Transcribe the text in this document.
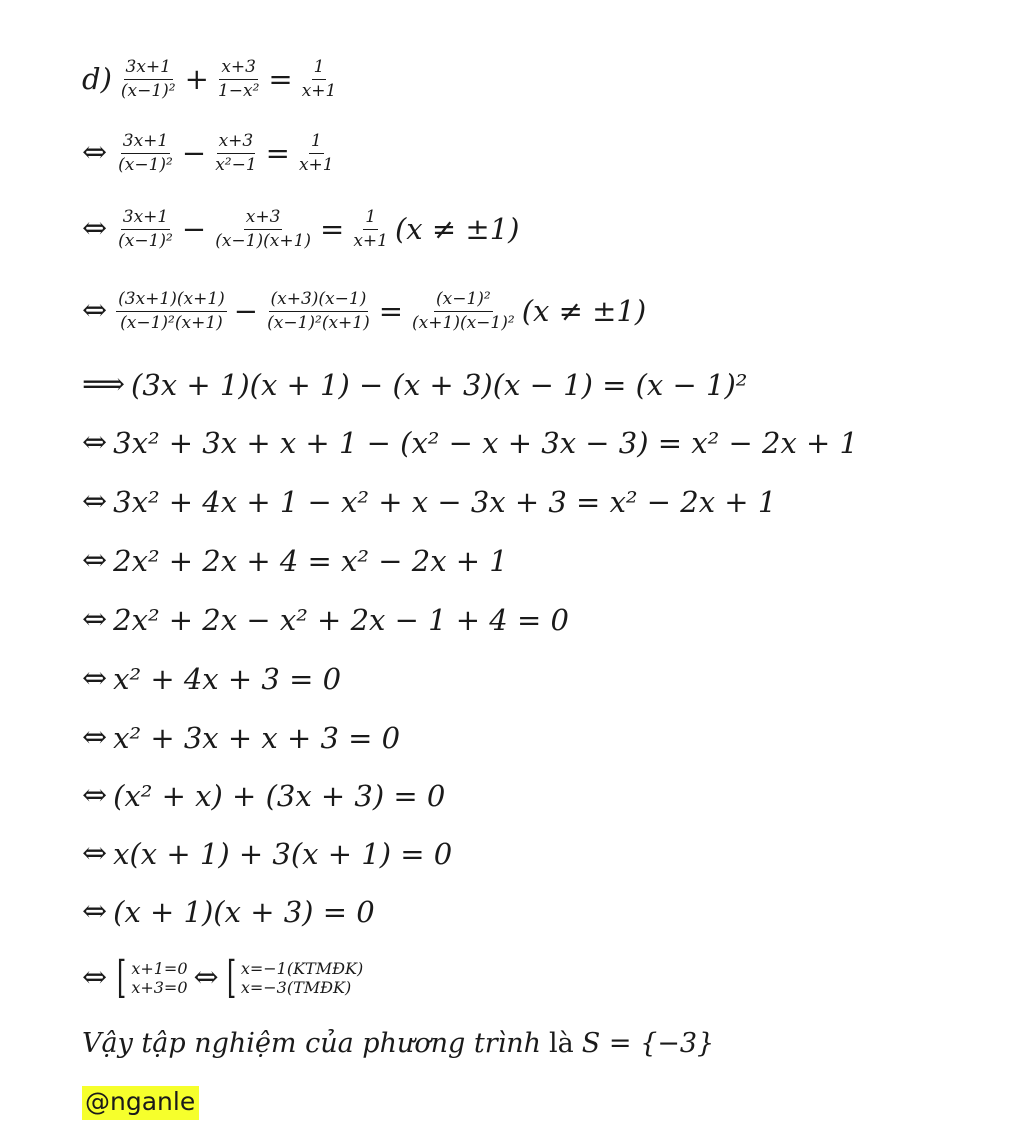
$d) \frac{3x+1}{\text{(x−1)²}} + \frac{x+3}{\text{1−x²}} = \frac{1}{x+1}$
⇔ $\frac{3x+1}{\text{(x−1)²}} - \frac{x+3}{\text{x²−1}} = \frac{1}{x+1}$
⇔ $\frac{3x+1}{\text{(x−1)²}} - \frac{x+3}{(x-1)(x+1)} = \frac{1}{x+1} (x \ne \pm 1)$
⇔ $\frac{(3x+1)(x+1)}{\text{(x−1)²(x+1)}} - \frac{(x+3)(x-1)}{\text{(x−1)²(x+1)}} = \frac{\text{(x−1)²}}{\text{(x+1)(x−1)²}} (x \ne \pm 1)$
⟹ (3x + 1)(x + 1) − (x + 3)(x − 1) = (x − 1)²
⇔ 3x² + 3x + x + 1 − (x² − x + 3x − 3) = x² − 2x + 1
⇔ 3x² + 4x + 1 − x² + x − 3x + 3 = x² − 2x + 1
⇔ 2x² + 2x + 4 = x² − 2x + 1
⇔ 2x² + 2x − x² + 2x − 1 + 4 = 0
⇔ x² + 4x + 3 = 0
⇔ x² + 3x + x + 3 = 0
⇔ (x² + x) + (3x + 3) = 0
⇔ x(x + 1) + 3(x + 1) = 0
⇔ (x + 1)(x + 3) = 0
⇔ [ x+1=0
x+3=0 ⇔ [ x=−1(KTMĐK)
x=−3(TMĐK)
Vậy tập nghiệm của phương trình là S = {−3}
@nganle
